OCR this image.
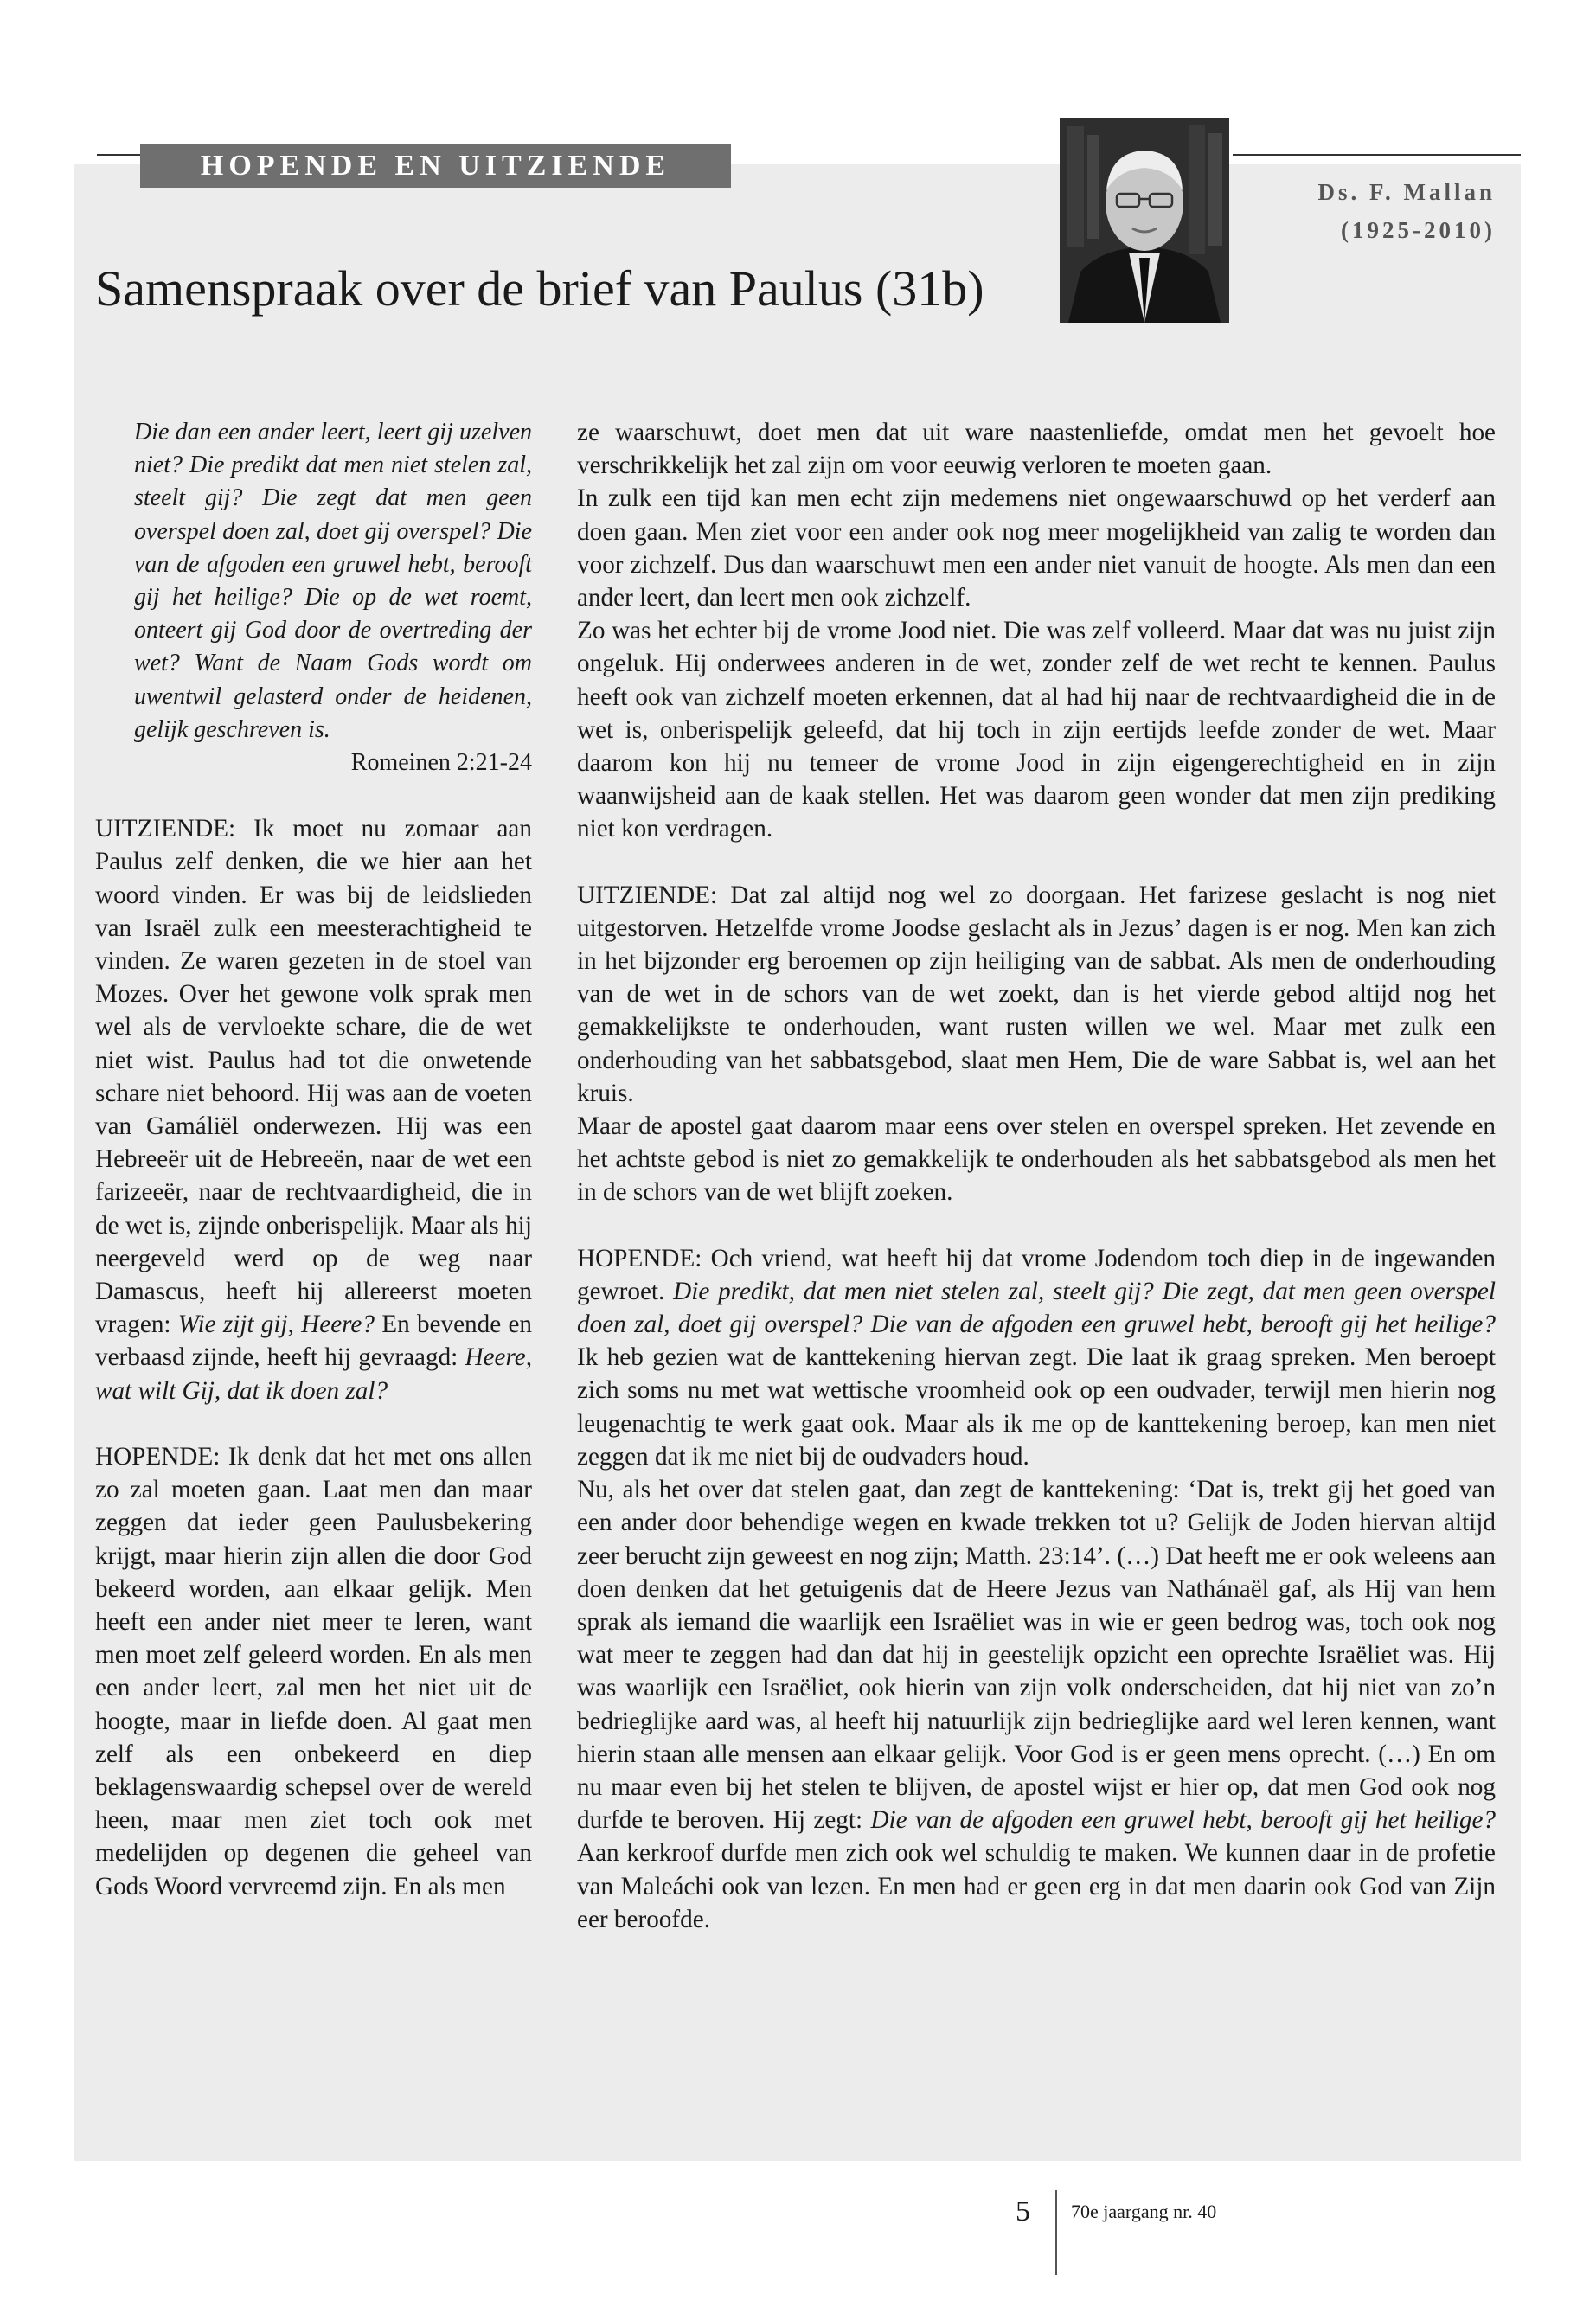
HOPENDE EN UITZIENDE
Ds. F. Mallan
(1925-2010)
Samenspraak over de brief van Paulus (31b)

Die dan een ander leert, leert gij uzelven niet? Die predikt dat men niet stelen zal, steelt gij? Die zegt dat men geen overspel doen zal, doet gij overspel? Die van de afgoden een gruwel hebt, berooft gij het heilige? Die op de wet roemt, onteert gij God door de overtreding der wet? Want de Naam Gods wordt om uwentwil gelasterd onder de heidenen, gelijk geschreven is.

Romeinen 2:21-24

UITZIENDE: Ik moet nu zomaar aan Paulus zelf denken, die we hier aan het woord vinden. Er was bij de leidslieden van Israël zulk een meesterachtigheid te vinden. Ze waren gezeten in de stoel van Mozes. Over het gewone volk sprak men wel als de vervloekte schare, die de wet niet wist. Paulus had tot die onwetende schare niet behoord. Hij was aan de voeten van Gamáliël onderwezen. Hij was een Hebreeër uit de Hebreeën, naar de wet een farizeeër, naar de rechtvaardigheid, die in de wet is, zijnde onberispelijk. Maar als hij neergeveld werd op de weg naar Damascus, heeft hij allereerst moeten vragen: Wie zijt gij, Heere? En bevende en verbaasd zijnde, heeft hij gevraagd: Heere, wat wilt Gij, dat ik doen zal?

HOPENDE: Ik denk dat het met ons allen zo zal moeten gaan. Laat men dan maar zeggen dat ieder geen Paulusbekering krijgt, maar hierin zijn allen die door God bekeerd worden, aan elkaar gelijk. Men heeft een ander niet meer te leren, want men moet zelf geleerd worden. En als men een ander leert, zal men het niet uit de hoogte, maar in liefde doen. Al gaat men zelf als een onbekeerd en diep beklagenswaardig schepsel over de wereld heen, maar men ziet toch ook met medelijden op degenen die geheel van Gods Woord vervreemd zijn. En als men

ze waarschuwt, doet men dat uit ware naastenliefde, omdat men het gevoelt hoe verschrikkelijk het zal zijn om voor eeuwig verloren te moeten gaan.

In zulk een tijd kan men echt zijn medemens niet ongewaarschuwd op het verderf aan doen gaan. Men ziet voor een ander ook nog meer mogelijkheid van zalig te worden dan voor zichzelf. Dus dan waarschuwt men een ander niet vanuit de hoogte. Als men dan een ander leert, dan leert men ook zichzelf.

Zo was het echter bij de vrome Jood niet. Die was zelf volleerd. Maar dat was nu juist zijn ongeluk. Hij onderwees anderen in de wet, zonder zelf de wet recht te kennen. Paulus heeft ook van zichzelf moeten erkennen, dat al had hij naar de rechtvaardigheid die in de wet is, onberispelijk geleefd, dat hij toch in zijn eertijds leefde zonder de wet. Maar daarom kon hij nu temeer de vrome Jood in zijn eigengerechtigheid en in zijn waanwijsheid aan de kaak stellen. Het was daarom geen wonder dat men zijn prediking niet kon verdragen.

UITZIENDE: Dat zal altijd nog wel zo doorgaan. Het farizese geslacht is nog niet uitgestorven. Hetzelfde vrome Joodse geslacht als in Jezus’ dagen is er nog. Men kan zich in het bijzonder erg beroemen op zijn heiliging van de sabbat. Als men de onderhouding van de wet in de schors van de wet zoekt, dan is het vierde gebod altijd nog het gemakkelijkste te onderhouden, want rusten willen we wel. Maar met zulk een onderhouding van het sabbatsgebod, slaat men Hem, Die de ware Sabbat is, wel aan het kruis.

Maar de apostel gaat daarom maar eens over stelen en overspel spreken. Het zevende en het achtste gebod is niet zo gemakkelijk te onderhouden als het sabbatsgebod als men het in de schors van de wet blijft zoeken.

HOPENDE: Och vriend, wat heeft hij dat vrome Jodendom toch diep in de ingewanden gewroet. Die predikt, dat men niet stelen zal, steelt gij? Die zegt, dat men geen overspel doen zal, doet gij overspel? Die van de afgoden een gruwel hebt, berooft gij het heilige? Ik heb gezien wat de kanttekening hiervan zegt. Die laat ik graag spreken. Men beroept zich soms nu met wat wettische vroomheid ook op een oudvader, terwijl men hierin nog leugenachtig te werk gaat ook. Maar als ik me op de kanttekening beroep, kan men niet zeggen dat ik me niet bij de oudvaders houd.

Nu, als het over dat stelen gaat, dan zegt de kanttekening: ‘Dat is, trekt gij het goed van een ander door behendige wegen en kwade trekken tot u? Gelijk de Joden hiervan altijd zeer berucht zijn geweest en nog zijn; Matth. 23:14’. (…) Dat heeft me er ook weleens aan doen denken dat het getuigenis dat de Heere Jezus van Nathánaël gaf, als Hij van hem sprak als iemand die waarlijk een Israëliet was in wie er geen bedrog was, toch ook nog wat meer te zeggen had dan dat hij in geestelijk opzicht een oprechte Israëliet was. Hij was waarlijk een Israëliet, ook hierin van zijn volk onderscheiden, dat hij niet van zo’n bedrieglijke aard was, al heeft hij natuurlijk zijn bedrieglijke aard wel leren kennen, want hierin staan alle mensen aan elkaar gelijk. Voor God is er geen mens oprecht. (…) En om nu maar even bij het stelen te blijven, de apostel wijst er hier op, dat men God ook nog durfde te beroven. Hij zegt: Die van de afgoden een gruwel hebt, berooft gij het heilige? Aan kerkroof durfde men zich ook wel schuldig te maken. We kunnen daar in de profetie van Maleáchi ook van lezen. En men had er geen erg in dat men daarin ook God van Zijn eer beroofde.

5 70e jaargang nr. 40
